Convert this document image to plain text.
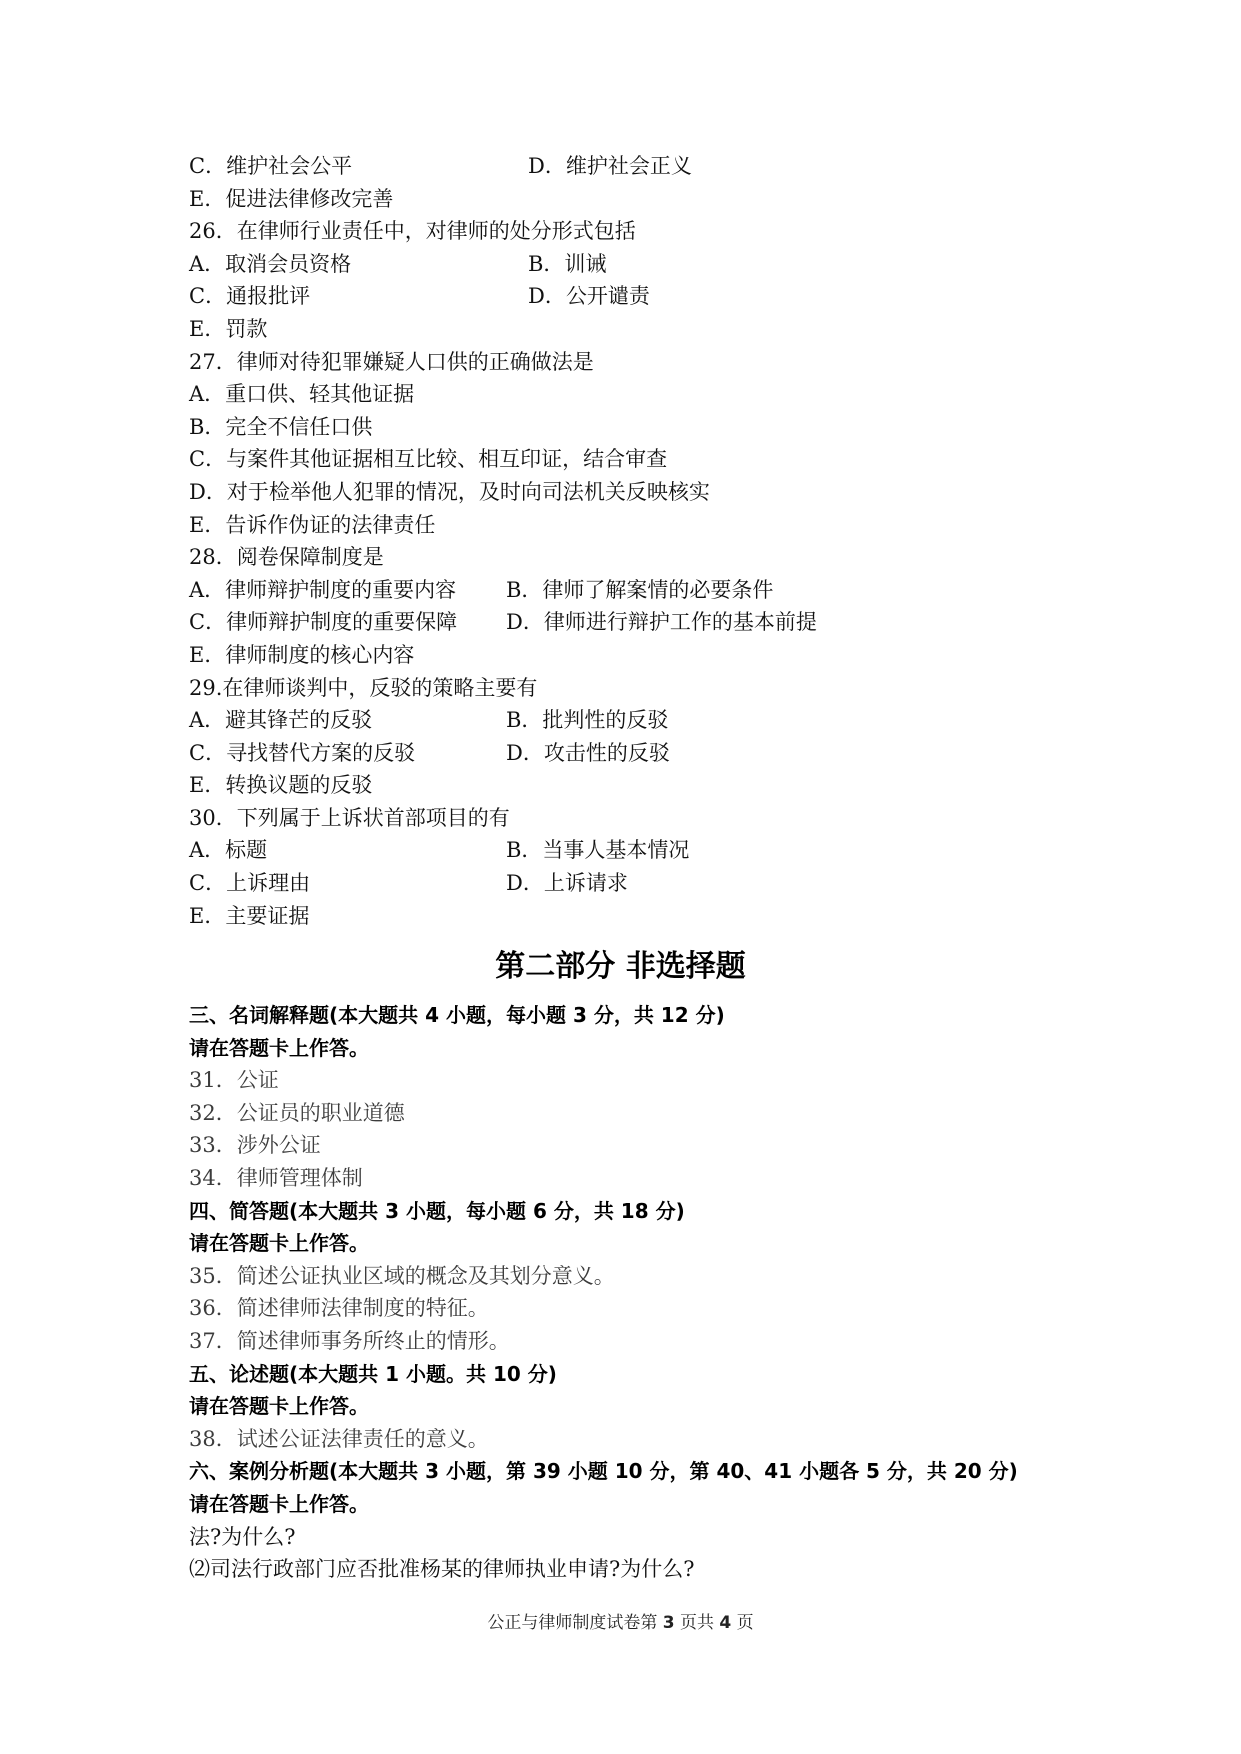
C．维护社会公平	D．维护社会正义
E．促进法律修改完善
26．在律师行业责任中，对律师的处分形式包括
A．取消会员资格	B．训诫
C．通报批评	D．公开谴责
E．罚款
27．律师对待犯罪嫌疑人口供的正确做法是
A．重口供、轻其他证据
B．完全不信任口供
C．与案件其他证据相互比较、相互印证，结合审查
D．对于检举他人犯罪的情况，及时向司法机关反映核实
E．告诉作伪证的法律责任
28．阅卷保障制度是
A．律师辩护制度的重要内容 B．律师了解案情的必要条件
C．律师辩护制度的重要保障 D．律师进行辩护工作的基本前提
E．律师制度的核心内容
29.在律师谈判中，反驳的策略主要有
A．避其锋芒的反驳	B．批判性的反驳
C．寻找替代方案的反驳	D．攻击性的反驳
E．转换议题的反驳
30．下列属于上诉状首部项目的有
A．标题	B．当事人基本情况
C．上诉理由	D．上诉请求
E．主要证据
第二部分 非选择题
三、名词解释题(本大题共 4 小题，每小题 3 分，共 12 分)
请在答题卡上作答。
31．公证
32．公证员的职业道德
33．涉外公证
34．律师管理体制
四、简答题(本大题共 3 小题，每小题 6 分，共 18 分)
请在答题卡上作答。
35．简述公证执业区域的概念及其划分意义。
36．简述律师法律制度的特征。
37．简述律师事务所终止的情形。
五、论述题(本大题共 1 小题。共 10 分)
请在答题卡上作答。
38．试述公证法律责任的意义。
六、案例分析题(本大题共 3 小题，第 39 小题 10 分，第 40、41 小题各 5 分，共 20 分)
请在答题卡上作答。
法?为什么?
⑵司法行政部门应否批准杨某的律师执业申请?为什么?
公正与律师制度试卷第 3 页共 4 页
